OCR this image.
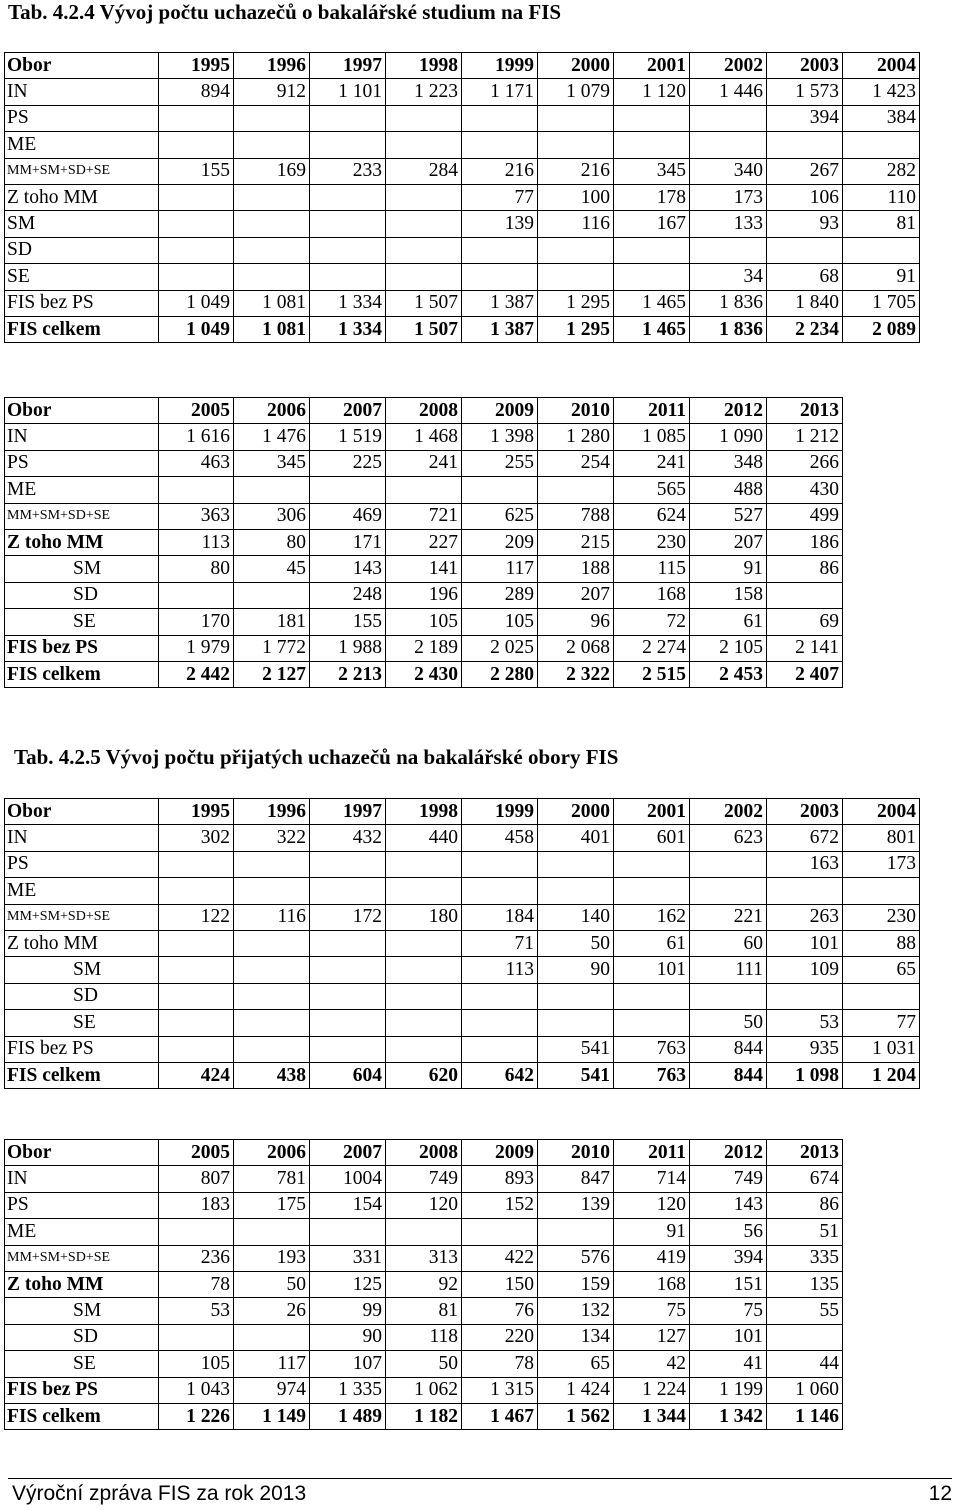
Tab. 4.2.4 Vývoj počtu uchazečů o bakalářské studium na FIS
Obor	1995	1996	1997	1998	1999	2000	2001	2002	2003	2004
IN	894	912	1 101	1 223	1 171	1 079	1 120	1 446	1 573	1 423
PS									394	384
ME										
MM+SM+SD+SE	155	169	233	284	216	216	345	340	267	282
Z toho MM					77	100	178	173	106	110
SM					139	116	167	133	93	81
SD										
SE								34	68	91
FIS bez PS	1 049	1 081	1 334	1 507	1 387	1 295	1 465	1 836	1 840	1 705
FIS celkem	1 049	1 081	1 334	1 507	1 387	1 295	1 465	1 836	2 234	2 089
Obor	2005	2006	2007	2008	2009	2010	2011	2012	2013
IN	1 616	1 476	1 519	1 468	1 398	1 280	1 085	1 090	1 212
PS	463	345	225	241	255	254	241	348	266
ME							565	488	430
MM+SM+SD+SE	363	306	469	721	625	788	624	527	499
Z toho MM	113	80	171	227	209	215	230	207	186
SM	80	45	143	141	117	188	115	91	86
SD			248	196	289	207	168	158	
SE	170	181	155	105	105	96	72	61	69
FIS bez PS	1 979	1 772	1 988	2 189	2 025	2 068	2 274	2 105	2 141
FIS celkem	2 442	2 127	2 213	2 430	2 280	2 322	2 515	2 453	2 407
Tab. 4.2.5 Vývoj počtu přijatých uchazečů na bakalářské obory FIS
Obor	1995	1996	1997	1998	1999	2000	2001	2002	2003	2004
IN	302	322	432	440	458	401	601	623	672	801
PS									163	173
ME										
MM+SM+SD+SE	122	116	172	180	184	140	162	221	263	230
Z toho MM					71	50	61	60	101	88
SM					113	90	101	111	109	65
SD										
SE								50	53	77
FIS bez PS						541	763	844	935	1 031
FIS celkem	424	438	604	620	642	541	763	844	1 098	1 204
Obor	2005	2006	2007	2008	2009	2010	2011	2012	2013
IN	807	781	1004	749	893	847	714	749	674
PS	183	175	154	120	152	139	120	143	86
ME							91	56	51
MM+SM+SD+SE	236	193	331	313	422	576	419	394	335
Z toho MM	78	50	125	92	150	159	168	151	135
SM	53	26	99	81	76	132	75	75	55
SD			90	118	220	134	127	101	
SE	105	117	107	50	78	65	42	41	44
FIS bez PS	1 043	974	1 335	1 062	1 315	1 424	1 224	1 199	1 060
FIS celkem	1 226	1 149	1 489	1 182	1 467	1 562	1 344	1 342	1 146
Výroční zpráva FIS za rok 2013	12
